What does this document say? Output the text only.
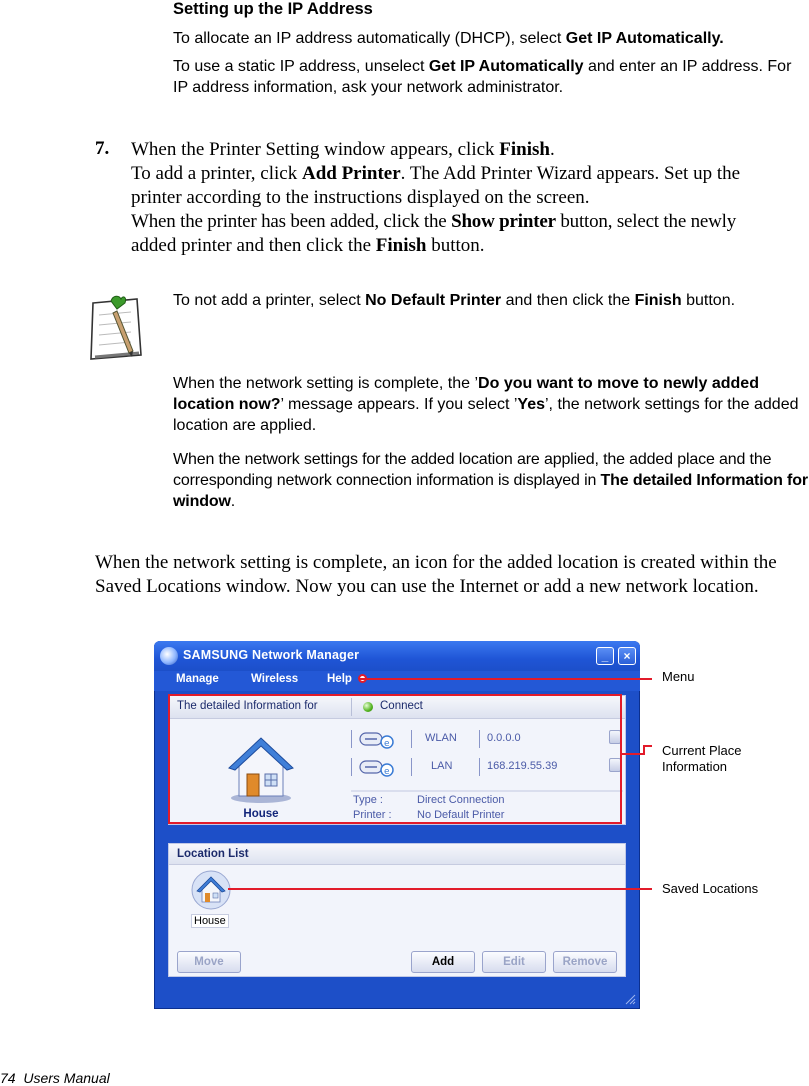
Setting up the IP Address
To allocate an IP address automatically (DHCP), select Get IP Automatically.
To use a static IP address, unselect Get IP Automatically and enter an IP address. For IP address information, ask your network administrator.
7. When the Printer Setting window appears, click Finish.
To add a printer, click Add Printer. The Add Printer Wizard appears. Set up the
printer according to the instructions displayed on the screen.
When the printer has been added, click the Show printer button, select the newly
added printer and then click the Finish button.
To not add a printer, select No Default Printer and then click the Finish button.
When the network setting is complete, the ’Do you want to move to newly added location now?’ message appears. If you select ’Yes’, the network settings for the added location are applied.
When the network settings for the added location are applied, the added place and the corresponding network connection information is displayed in The detailed Information for window.
When the network setting is complete, an icon for the added location is created within the Saved Locations window. Now you can use the Internet or add a new network location.
SAMSUNG Network Manager	_	×
Manage	Wireless	Help
The detailed Information for	Connect
House
e	WLAN	0.0.0.0
e	LAN	168.219.55.39
Type :	Direct Connection
Printer : No Default Printer
Location List
House
Move	Add	Edit	Remove
Menu
Current Place
Information
Saved Locations
74  Users Manual
